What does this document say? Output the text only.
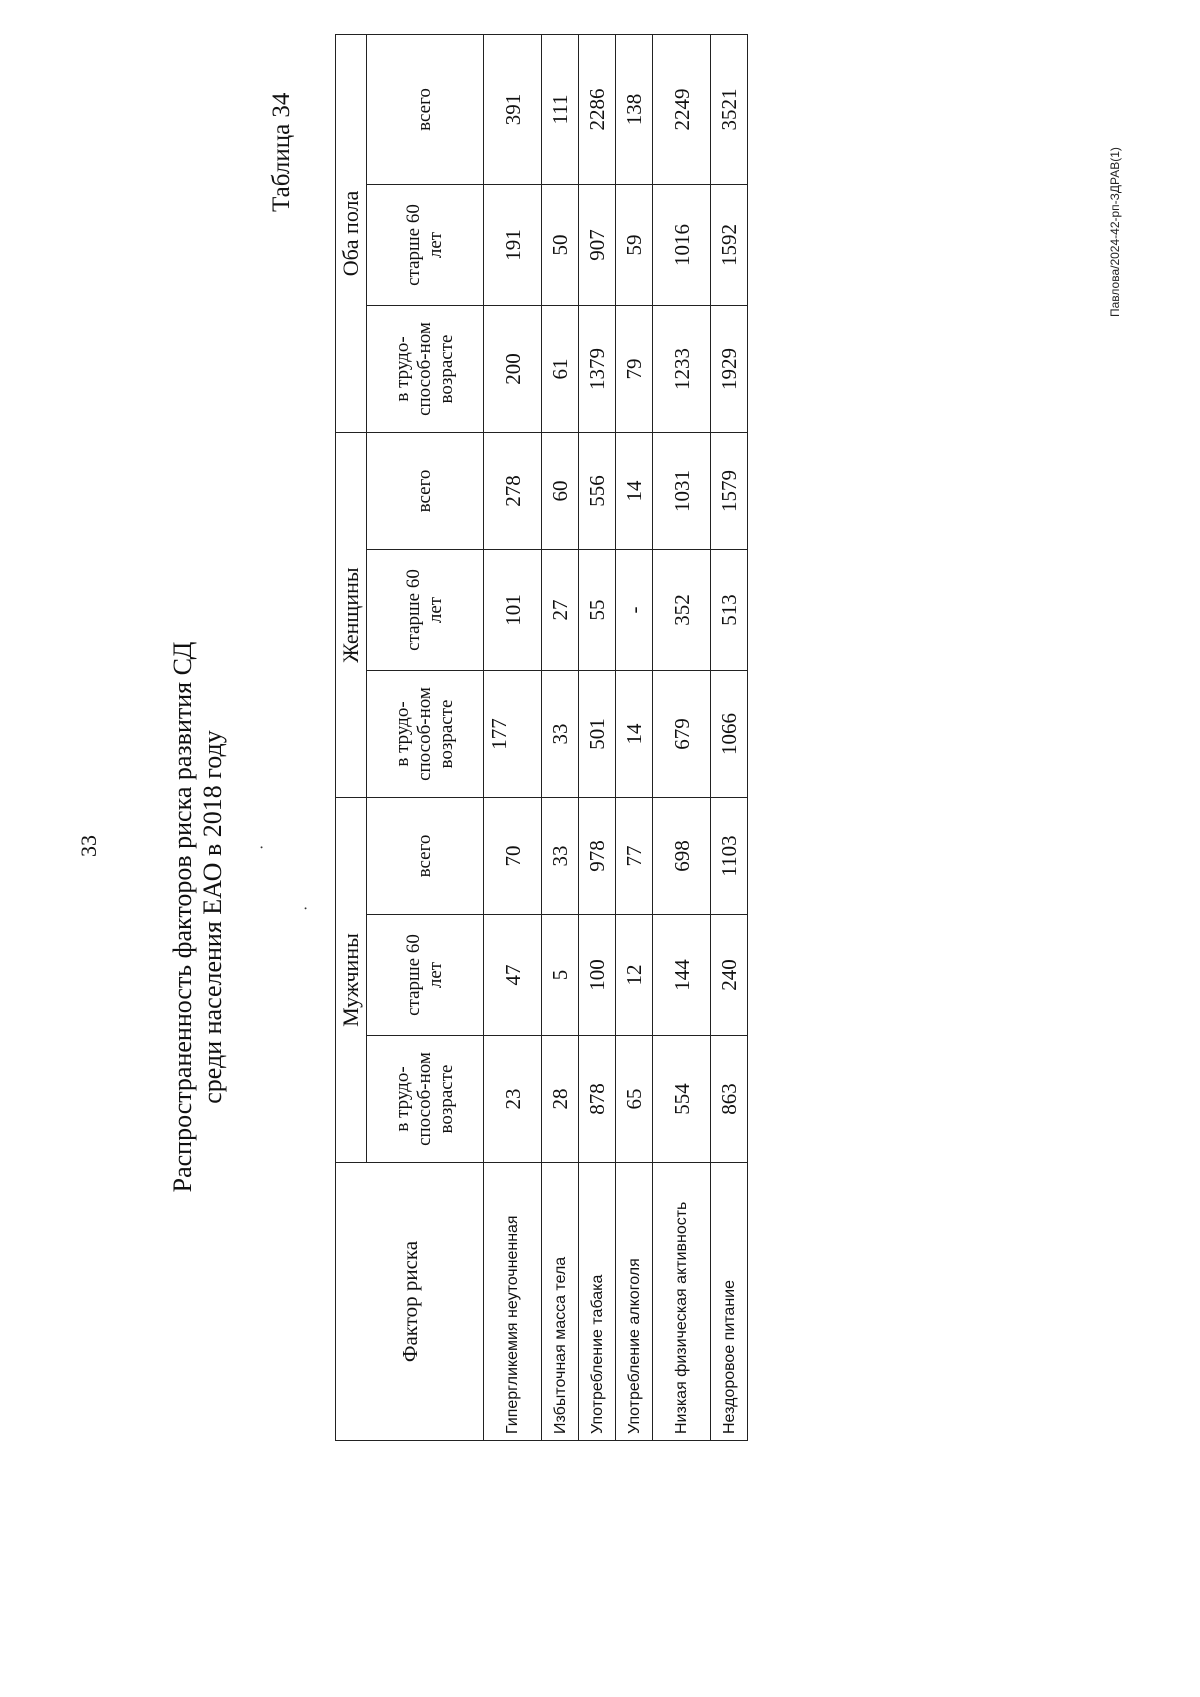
33
Таблица 34
Распространенность факторов риска развития СД среди населения ЕАО в 2018 году ·
·
Фактор риска	Мужчины			Женщины			Оба пола		
	в трудо-способ-ном возрасте	старше 60 лет	всего	в трудо-способ-ном возрасте	старше 60 лет	всего	в трудо-способ-ном возрасте	старше 60 лет	всего
Гипергликемия неуточненная	23	47	70	177	101	278	200	191	391
Избыточная масса тела	28	5	33	33	27	60	61	50	111
Употребление табака	878	100	978	501	55	556	1379	907	2286
Употребление алкоголя	65	12	77	14	-	14	79	59	138
Низкая физическая активность	554	144	698	679	352	1031	1233	1016	2249
Нездоровое питание	863	240	1103	1066	513	1579	1929	1592	3521
Павлова/2024-42-рп-ЗДРАВ(1)
